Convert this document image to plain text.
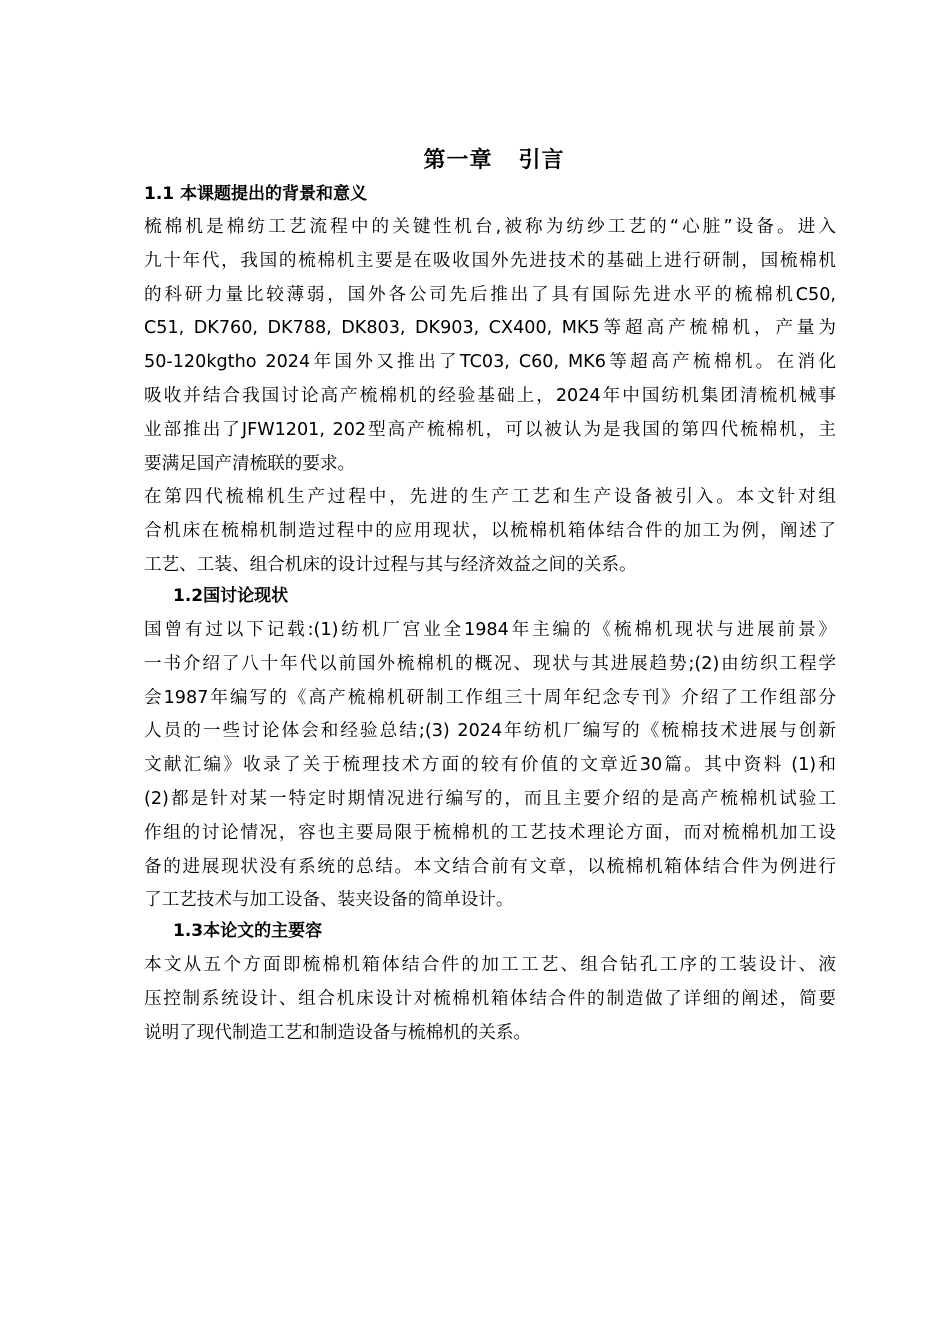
第一章   引言
1.1 本课题提出的背景和意义
梳棉机是棉纺工艺流程中的关键性机台,被称为纺纱工艺的“心脏”设备。进入
九十年代，我国的梳棉机主要是在吸收国外先进技术的基础上进行研制，国梳棉机
的科研力量比较薄弱，国外各公司先后推出了具有国际先进水平的梳棉机C50,
C51, DK760, DK788, DK803, DK903, CX400, MK5等超高产梳棉机，产量为
50-120kgtho 2024年国外又推出了TC03, C60, MK6等超高产梳棉机。在消化
吸收并结合我国讨论高产梳棉机的经验基础上，2024年中国纺机集团清梳机械事
业部推出了JFW1201, 202型高产梳棉机，可以被认为是我国的第四代梳棉机，主
要满足国产清梳联的要求。
在第四代梳棉机生产过程中，先进的生产工艺和生产设备被引入。本文针对组
合机床在梳棉机制造过程中的应用现状，以梳棉机箱体结合件的加工为例，阐述了
工艺、工装、组合机床的设计过程与其与经济效益之间的关系。
1.2国讨论现状
国曾有过以下记载:(1)纺机厂宫业全1984年主编的《梳棉机现状与进展前景》
一书介绍了八十年代以前国外梳棉机的概况、现状与其进展趋势;(2)由纺织工程学
会1987年编写的《高产梳棉机研制工作组三十周年纪念专刊》介绍了工作组部分
人员的一些讨论体会和经验总结;(3) 2024年纺机厂编写的《梳棉技术进展与创新
文献汇编》收录了关于梳理技术方面的较有价值的文章近30篇。其中资料 (1)和
(2)都是针对某一特定时期情况进行编写的，而且主要介绍的是高产梳棉机试验工
作组的讨论情况，容也主要局限于梳棉机的工艺技术理论方面，而对梳棉机加工设
备的进展现状没有系统的总结。本文结合前有文章，以梳棉机箱体结合件为例进行
了工艺技术与加工设备、装夹设备的简单设计。
1.3本论文的主要容
本文从五个方面即梳棉机箱体结合件的加工工艺、组合钻孔工序的工装设计、液
压控制系统设计、组合机床设计对梳棉机箱体结合件的制造做了详细的阐述，简要
说明了现代制造工艺和制造设备与梳棉机的关系。
